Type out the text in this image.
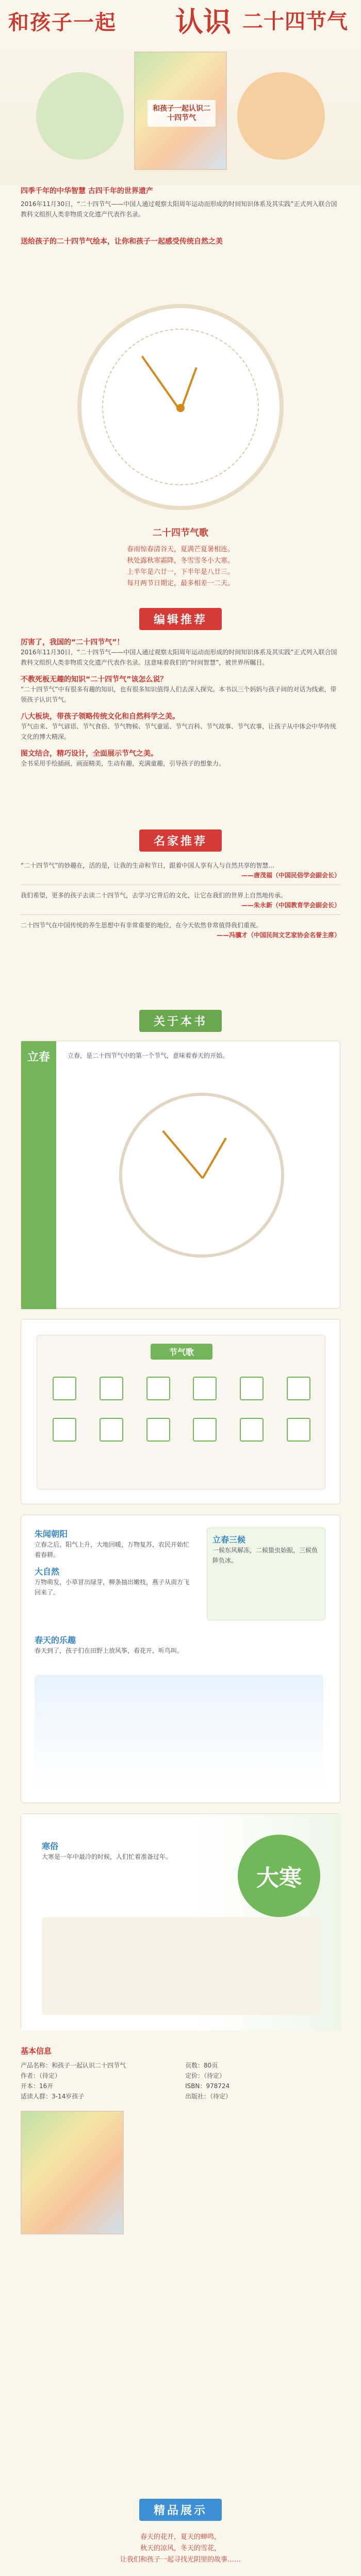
和孩子一起 认识 二十四节气
和孩子一起认识二十四节气
四季千年的中华智慧 古四千年的世界遗产
2016年11月30日，“二十四节气——中国人通过观察太阳周年运动而形成的时间知识体系及其实践”正式列入联合国教科文组织人类非物质文化遗产代表作名录。
送给孩子的二十四节气绘本，让你和孩子一起感受传统自然之美
二十四节气歌
春雨惊春清谷天，夏满芒夏暑相连。
秋处露秋寒霜降，冬雪雪冬小大寒。
上半年是六廿一，下半年是八廿三。
每月两节日期定，最多相差一二天。
编辑推荐
厉害了，我国的“二十四节气”！
2016年11月30日，“二十四节气——中国人通过观察太阳周年运动而形成的时间知识体系及其实践”正式列入联合国教科文组织人类非物质文化遗产代表作名录。这意味着我们的“时间智慧”，被世界所瞩目。
不教死板无趣的知识“二十四节气”该怎么说？
“二十四节气”中有很多有趣的知识，也有很多知识值得人们去深入探究。本书以三个妈妈与孩子间的对话为线索，带领孩子认识节气。
八大板块，带孩子领略传统文化和自然科学之美。
节气由来、节气谚语、节气食俗、节气物候、节气童谣、节气百科、节气故事、节气农事，让孩子从中体会中华传统文化的博大精深。
图文结合，精巧设计，全面展示节气之美。
全书采用手绘插画，画面精美，生动有趣，充满童趣，引导孩子的想象力。
名家推荐
“二十四节气”的妙趣在，活的是，让我的生命和节日，跟着中国人享有入与自然共享的智慧...
——唐茂福（中国民俗学会副会长）
我们希望，更多的孩子去读二十四节气，去学习它背后的文化，让它在我们的世界上自然地传承。
——朱永新（中国教育学会副会长）
二十四节气在中国传统的养生思想中有非常重要的地位，在今天依然非常值得我们重视。
——冯骥才（中国民间文艺家协会名誉主席）
关于本书
立春	立春，是二十四节气中的第一个节气，意味着春天的开始。
节气歌
朱闻朝阳
立春之后，阳气上升，大地回暖，万物复苏，农民开始忙着春耕。
大自然
万物萌发，小草冒出绿芽，柳条抽出嫩枝，燕子从南方飞回来了。
立春三候
一候东风解冻，二候蛰虫始振，三候鱼陟负冰。
春天的乐趣
春天到了，孩子们在田野上放风筝，看花开，听鸟叫。
大寒
寒俗
大寒是一年中最冷的时候，人们忙着准备过年。
基本信息
产品名称：和孩子一起认识二十四节气
作者：（待定）
开本：16开
适读人群：3-14岁孩子
页数：80页
定价：（待定）
ISBN：978724
出版社：（待定）
精品展示
春天的花开，夏天的蝉鸣，
秋天的凉风，冬天的雪花，
让我们和孩子一起寻找光阴里的故事……
